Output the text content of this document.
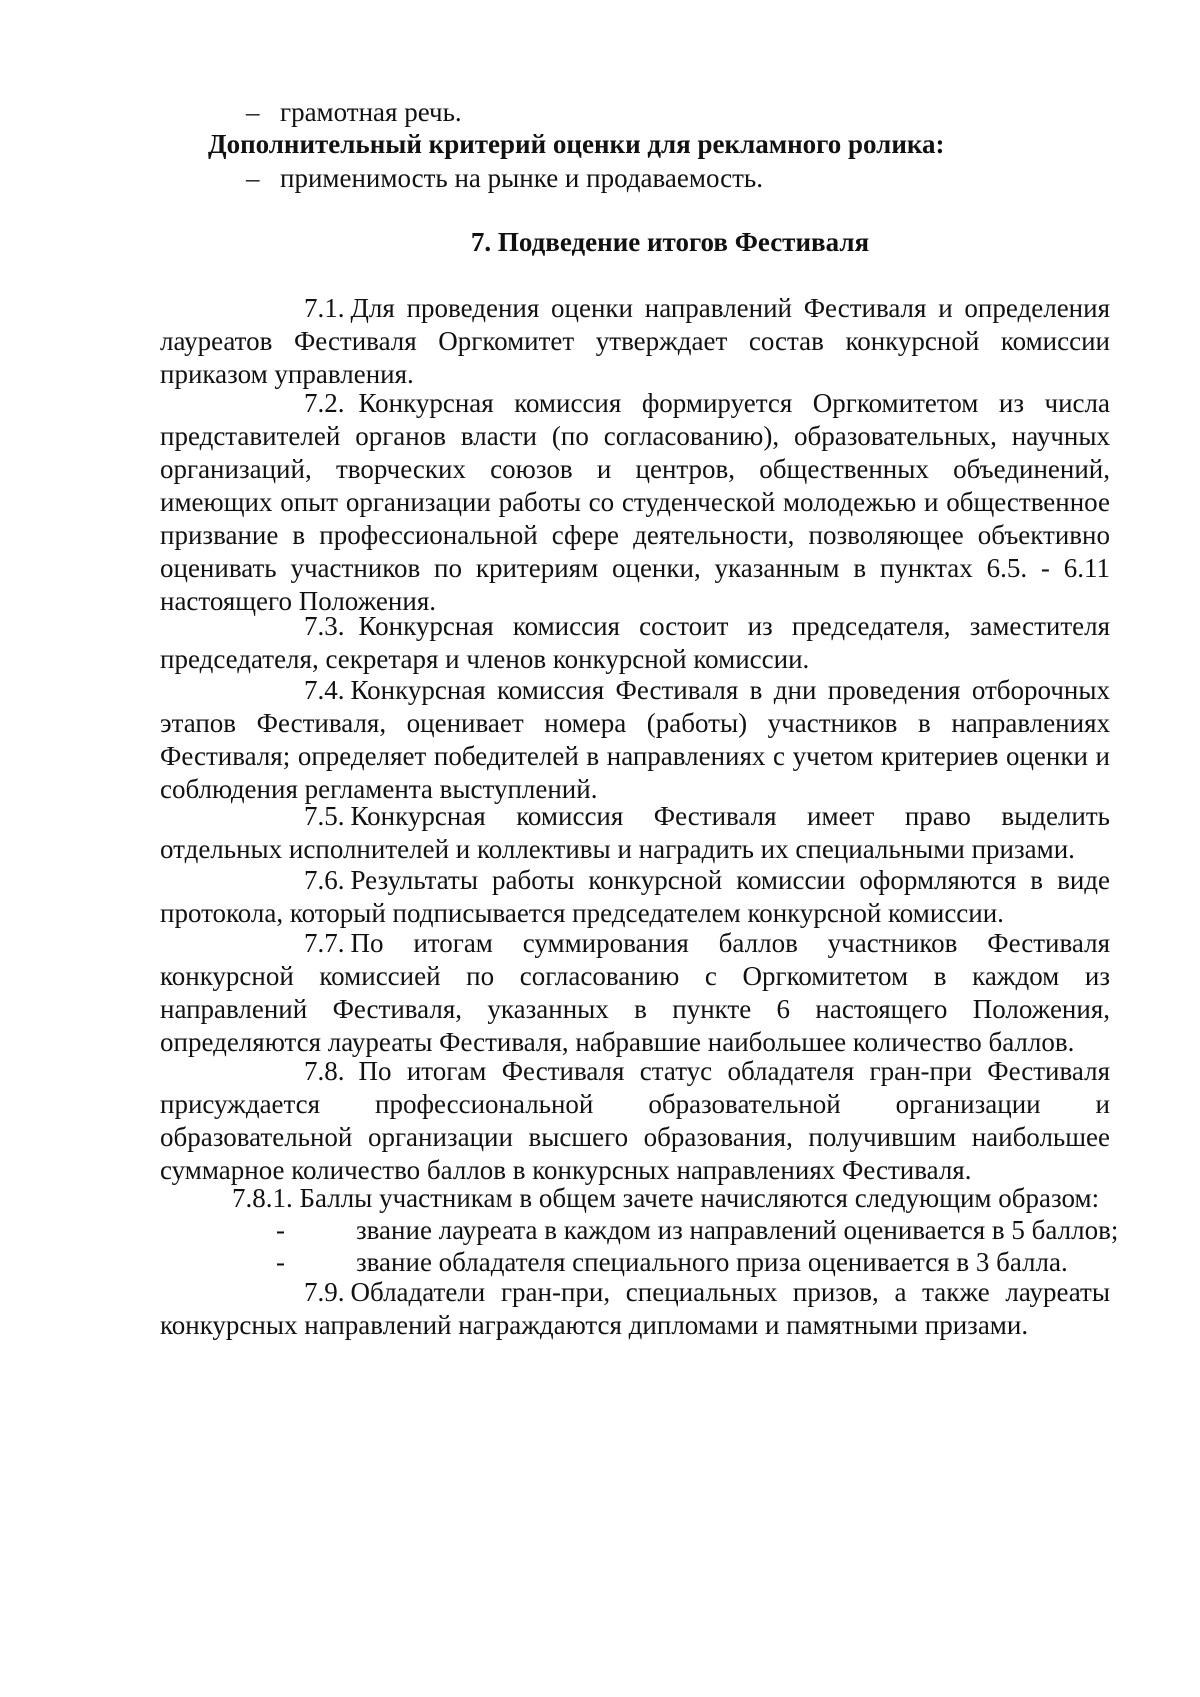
– грамотная речь.
Дополнительный критерий оценки для рекламного ролика:
– применимость на рынке и продаваемость.
7. Подведение итогов Фестиваля

7.1. Для проведения оценки направлений Фестиваля и определения лауреатов Фестиваля Оргкомитет утверждает состав конкурсной комиссии приказом управления.

7.2. Конкурсная комиссия формируется Оргкомитетом из числа представителей органов власти (по согласованию), образовательных, научных организаций, творческих союзов и центров, общественных объединений, имеющих опыт организации работы со студенческой молодежью и общественное призвание в профессиональной сфере деятельности, позволяющее объективно оценивать участников по критериям оценки, указанным в пунктах 6.5. - 6.11 настоящего Положения.

7.3. Конкурсная комиссия состоит из председателя, заместителя председателя, секретаря и членов конкурсной комиссии.

7.4. Конкурсная комиссия Фестиваля в дни проведения отборочных этапов Фестиваля, оценивает номера (работы) участников в направлениях Фестиваля; определяет победителей в направлениях с учетом критериев оценки и соблюдения регламента выступлений.

7.5. Конкурсная комиссия Фестиваля имеет право выделить отдельных исполнителей и коллективы и наградить их специальными призами.

7.6. Результаты работы конкурсной комиссии оформляются в виде протокола, который подписывается председателем конкурсной комиссии.

7.7. По итогам суммирования баллов участников Фестиваля конкурсной комиссией по согласованию с Оргкомитетом в каждом из направлений Фестиваля, указанных в пункте 6 настоящего Положения, определяются лауреаты Фестиваля, набравшие наибольшее количество баллов.

7.8. По итогам Фестиваля статус обладателя гран-при Фестиваля присуждается профессиональной образовательной организации и образовательной организации высшего образования, получившим наибольшее суммарное количество баллов в конкурсных направлениях Фестиваля.

7.8.1. Баллы участникам в общем зачете начисляются следующим образом:
-	звание лауреата в каждом из направлений оценивается в 5 баллов;
-	звание обладателя специального приза оценивается в 3 балла.

7.9. Обладатели гран-при, специальных призов, а также лауреаты конкурсных направлений награждаются дипломами и памятными призами.
